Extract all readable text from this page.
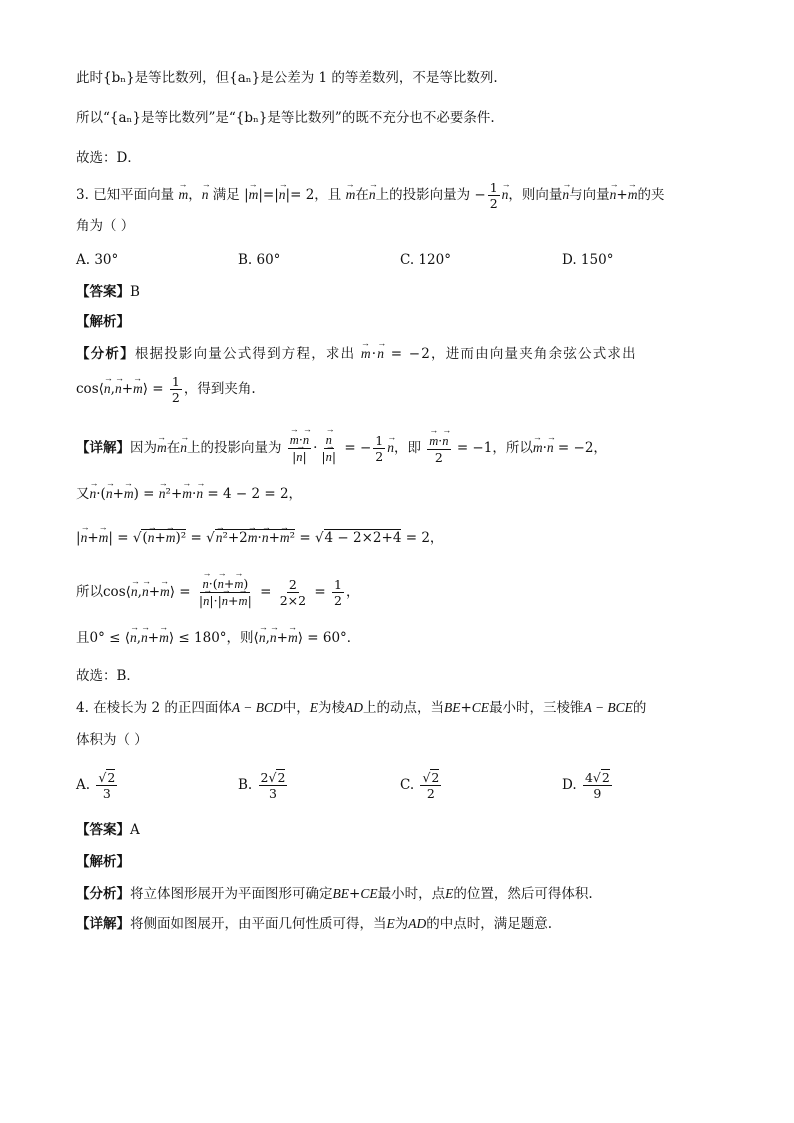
此时{bₙ}是等比数列，但{aₙ}是公差为 1 的等差数列，不是等比数列.
所以“{aₙ}是等比数列”是“{bₙ}是等比数列”的既不充分也不必要条件.
故选：D．
3. 已知平面向量 → m，→ n 满足 |→ m|=|→ n|= 2，且 → m在→ n上的投影向量为 − $\frac{1}{2}$
→ n，则向量→ n与向量→ n+→ m的夹
角为（ ）
A. 30°	B. 60°	C. 120°	D. 150°
【答案】B
【解析】
【分析】根据投影向量公式得到方程，求出 → m·→ n = −2，进而由向量夹角余弦公式求出
cos⟨→ n,→ n+→ m⟩ = $\frac{1}{2}$ ，得到夹角.
【详解】因为→ m在→ n上的投影向量为
→ $\frac{m\cdot\to n}{|\to n|}$ ·
→ $\frac{n}{|\to n|}$ = − $\frac{1}{2}$
→ n，即
→ $\frac{m\cdot\to n}{2} = -1$，所以→ m·→ n = −2，
又→ n·(→ n+→ m) = → n²+→ m·→ n = 4 − 2 = 2，
|→ n+→ m| = √(→ n+→ m)² = √→ n²+2→ m·→ n+→ m² = √4 − 2×2+4 = 2，
所以cos⟨→ n,→ n+→ m⟩ =
→ $\frac{n\cdot(\to n+\to m)}{|\to n|\cdot|\to n+\to m|} = \frac{2}{2\times 2} = \frac{1}{2}$ ，
且0° ≤ ⟨→ n,→ n+→ m⟩ ≤ 180°，则⟨→ n,→ n+→ m⟩ = 60°．
故选：B．
4. 在棱长为 2 的正四面体A − BCD中，E为棱AD上的动点，当BE+CE最小时，三棱锥A − BCE的
体积为（ ）
A. $\frac{√2}{3}$	B. $\frac{2√2}{3}$	C. $\frac{√2}{2}$	D. $\frac{4√2}{9}$
【答案】A
【解析】
【分析】将立体图形展开为平面图形可确定BE+CE最小时，点E的位置，然后可得体积.
【详解】将侧面如图展开，由平面几何性质可得，当E为AD的中点时，满足题意.
